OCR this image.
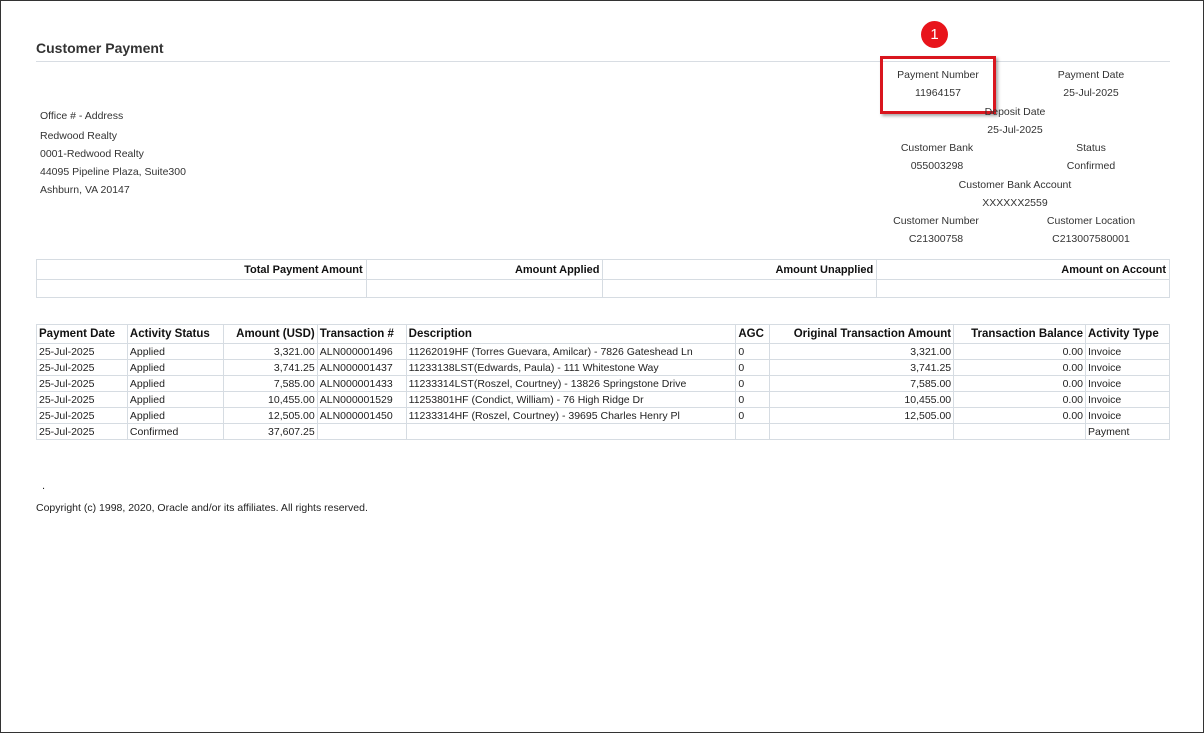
Customer Payment
1
Office # - Address
Redwood Realty
0001-Redwood Realty
44095 Pipeline Plaza, Suite300
Ashburn, VA 20147
Payment Number
11964157
Payment Date
25-Jul-2025
Deposit Date
25-Jul-2025
Customer Bank
055003298
Status
Confirmed
Customer Bank Account
XXXXXX2559
Customer Number
C21300758
Customer Location
C213007580001
Total Payment Amount	Amount Applied	Amount Unapplied	Amount on Account

Payment Date	Activity Status	Amount (USD)	Transaction #	Description	AGC	Original Transaction Amount	Transaction Balance	Activity Type
25-Jul-2025	Applied	3,321.00	ALN000001496	11262019HF (Torres Guevara, Amilcar) - 7826 Gateshead Ln	0	3,321.00	0.00	Invoice
25-Jul-2025	Applied	3,741.25	ALN000001437	11233138LST(Edwards, Paula) - 111 Whitestone Way	0	3,741.25	0.00	Invoice
25-Jul-2025	Applied	7,585.00	ALN000001433	11233314LST(Roszel, Courtney) - 13826 Springstone Drive	0	7,585.00	0.00	Invoice
25-Jul-2025	Applied	10,455.00	ALN000001529	11253801HF (Condict, William) - 76 High Ridge Dr	0	10,455.00	0.00	Invoice
25-Jul-2025	Applied	12,505.00	ALN000001450	11233314HF (Roszel, Courtney) - 39695 Charles Henry Pl	0	12,505.00	0.00	Invoice
25-Jul-2025	Confirmed	37,607.25						Payment
.
Copyright (c) 1998, 2020, Oracle and/or its affiliates. All rights reserved.
